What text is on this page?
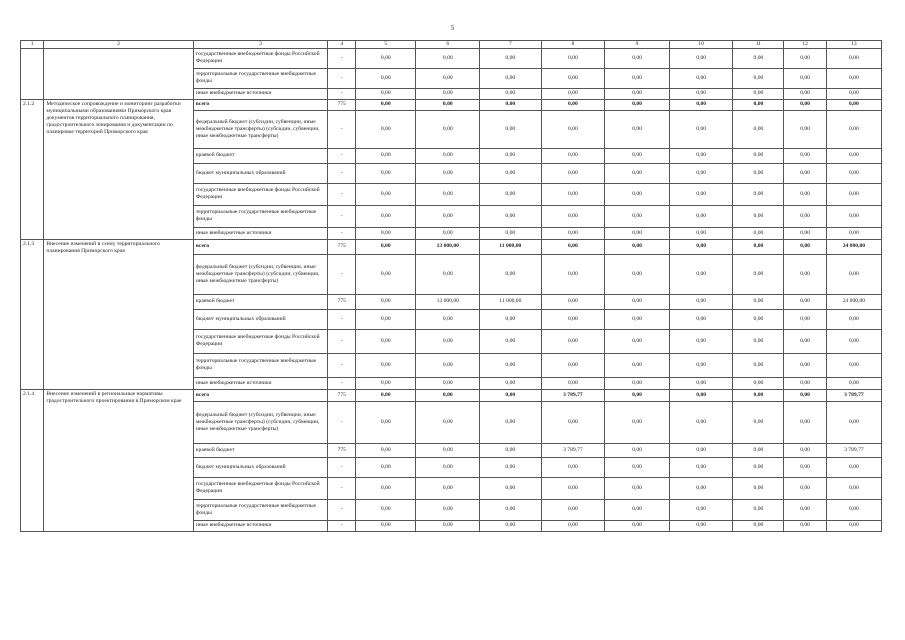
5
1	2	3	4	5	6	7	8	9	10	11	12	13
		государственные внебюджетные фонды Российской Федерации	-	0,00	0,00	0,00	0,00	0,00	0,00	0,00	0,00	0,00
		территориальные государственные внебюджетные фонды	-	0,00	0,00	0,00	0,00	0,00	0,00	0,00	0,00	0,00
		иные внебюджетные источники	-	0,00	0,00	0,00	0,00	0,00	0,00	0,00	0,00	0,00
2.1.2	Методическое сопровождение и мониторинг разработки муниципальными образованиями Приморского края документов территориального планирования, градостроительного зонирования и документации по планировке территорий Приморского края	всего	775	0,00	0,00	0,00	0,00	0,00	0,00	0,00	0,00	0,00
		федеральный бюджет (субсидии, субвенции, иные межбюджетные трансферты) (субсидии, субвенции, иные межбюджетные трансферты)	-	0,00	0,00	0,00	0,00	0,00	0,00	0,00	0,00	0,00
		краевой бюджет	-	0,00	0,00	0,00	0,00	0,00	0,00	0,00	0,00	0,00
		бюджет муниципальных образований	-	0,00	0,00	0,00	0,00	0,00	0,00	0,00	0,00	0,00
		государственные внебюджетные фонды Российской Федерации	-	0,00	0,00	0,00	0,00	0,00	0,00	0,00	0,00	0,00
		территориальные государственные внебюджетные фонды	-	0,00	0,00	0,00	0,00	0,00	0,00	0,00	0,00	0,00
		иные внебюджетные источники	-	0,00	0,00	0,00	0,00	0,00	0,00	0,00	0,00	0,00
2.1.3	Внесение изменений в схему территориального планирования Приморского края	всего	775	0,00	13 000,00	11 000,00	0,00	0,00	0,00	0,00	0,00	24 000,00
		федеральный бюджет (субсидии, субвенции, иные межбюджетные трансферты) (субсидии, субвенции, иные межбюджетные трансферты)	-	0,00	0,00	0,00	0,00	0,00	0,00	0,00	0,00	0,00
		краевой бюджет	775	0,00	13 000,00	11 000,00	0,00	0,00	0,00	0,00	0,00	24 000,00
		бюджет муниципальных образований	-	0,00	0,00	0,00	0,00	0,00	0,00	0,00	0,00	0,00
		государственные внебюджетные фонды Российской Федерации	-	0,00	0,00	0,00	0,00	0,00	0,00	0,00	0,00	0,00
		территориальные государственные внебюджетные фонды	-	0,00	0,00	0,00	0,00	0,00	0,00	0,00	0,00	0,00
		иные внебюджетные источники	-	0,00	0,00	0,00	0,00	0,00	0,00	0,00	0,00	0,00
2.1.4	Внесение изменений в региональные нормативы градостроительного проектирования в Приморском крае	всего	775	0,00	0,00	0,00	3 789,77	0,00	0,00	0,00	0,00	3 789,77
		федеральный бюджет (субсидии, субвенции, иные межбюджетные трансферты) (субсидии, субвенции, иные межбюджетные трансферты)	-	0,00	0,00	0,00	0,00	0,00	0,00	0,00	0,00	0,00
		краевой бюджет	775	0,00	0,00	0,00	3 789,77	0,00	0,00	0,00	0,00	3 789,77
		бюджет муниципальных образований	-	0,00	0,00	0,00	0,00	0,00	0,00	0,00	0,00	0,00
		государственные внебюджетные фонды Российской Федерации	-	0,00	0,00	0,00	0,00	0,00	0,00	0,00	0,00	0,00
		территориальные государственные внебюджетные фонды	-	0,00	0,00	0,00	0,00	0,00	0,00	0,00	0,00	0,00
		иные внебюджетные источники	-	0,00	0,00	0,00	0,00	0,00	0,00	0,00	0,00	0,00
